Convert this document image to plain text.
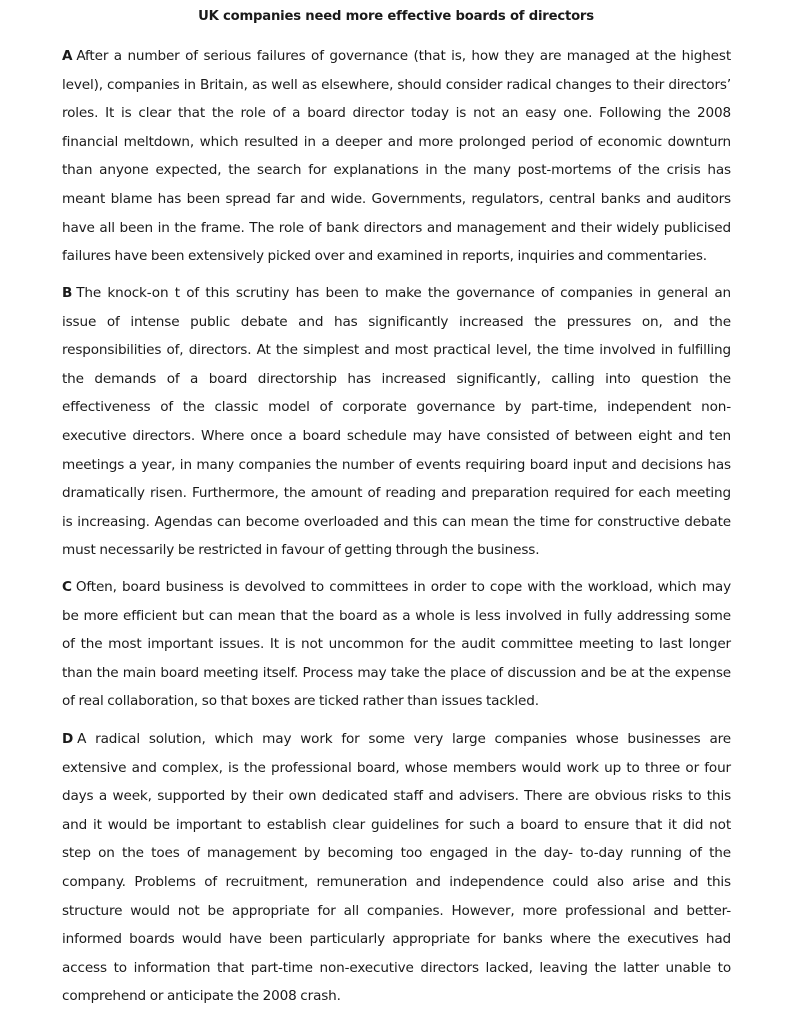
UK companies need more effective boards of directors
A After a number of serious failures of governance (that is, how they are managed at the highest
level), companies in Britain, as well as elsewhere, should consider radical changes to their directors’
roles. It is clear that the role of a board director today is not an easy one. Following the 2008
financial meltdown, which resulted in a deeper and more prolonged period of economic downturn
than anyone expected, the search for explanations in the many post-mortems of the crisis has
meant blame has been spread far and wide. Governments, regulators, central banks and auditors
have all been in the frame. The role of bank directors and management and their widely publicised
failures have been extensively picked over and examined in reports, inquiries and commentaries.
B The knock-on t of this scrutiny has been to make the governance of companies in general an
issue of intense public debate and has significantly increased the pressures on, and the
responsibilities of, directors. At the simplest and most practical level, the time involved in fulfilling
the demands of a board directorship has increased significantly, calling into question the
effectiveness of the classic model of corporate governance by part-time, independent non-
executive directors. Where once a board schedule may have consisted of between eight and ten
meetings a year, in many companies the number of events requiring board input and decisions has
dramatically risen. Furthermore, the amount of reading and preparation required for each meeting
is increasing. Agendas can become overloaded and this can mean the time for constructive debate
must necessarily be restricted in favour of getting through the business.
C Often, board business is devolved to committees in order to cope with the workload, which may
be more efficient but can mean that the board as a whole is less involved in fully addressing some
of the most important issues. It is not uncommon for the audit committee meeting to last longer
than the main board meeting itself. Process may take the place of discussion and be at the expense
of real collaboration, so that boxes are ticked rather than issues tackled.
D A radical solution, which may work for some very large companies whose businesses are
extensive and complex, is the professional board, whose members would work up to three or four
days a week, supported by their own dedicated staff and advisers. There are obvious risks to this
and it would be important to establish clear guidelines for such a board to ensure that it did not
step on the toes of management by becoming too engaged in the day- to-day running of the
company. Problems of recruitment, remuneration and independence could also arise and this
structure would not be appropriate for all companies. However, more professional and better-
informed boards would have been particularly appropriate for banks where the executives had
access to information that part-time non-executive directors lacked, leaving the latter unable to
comprehend or anticipate the 2008 crash.
